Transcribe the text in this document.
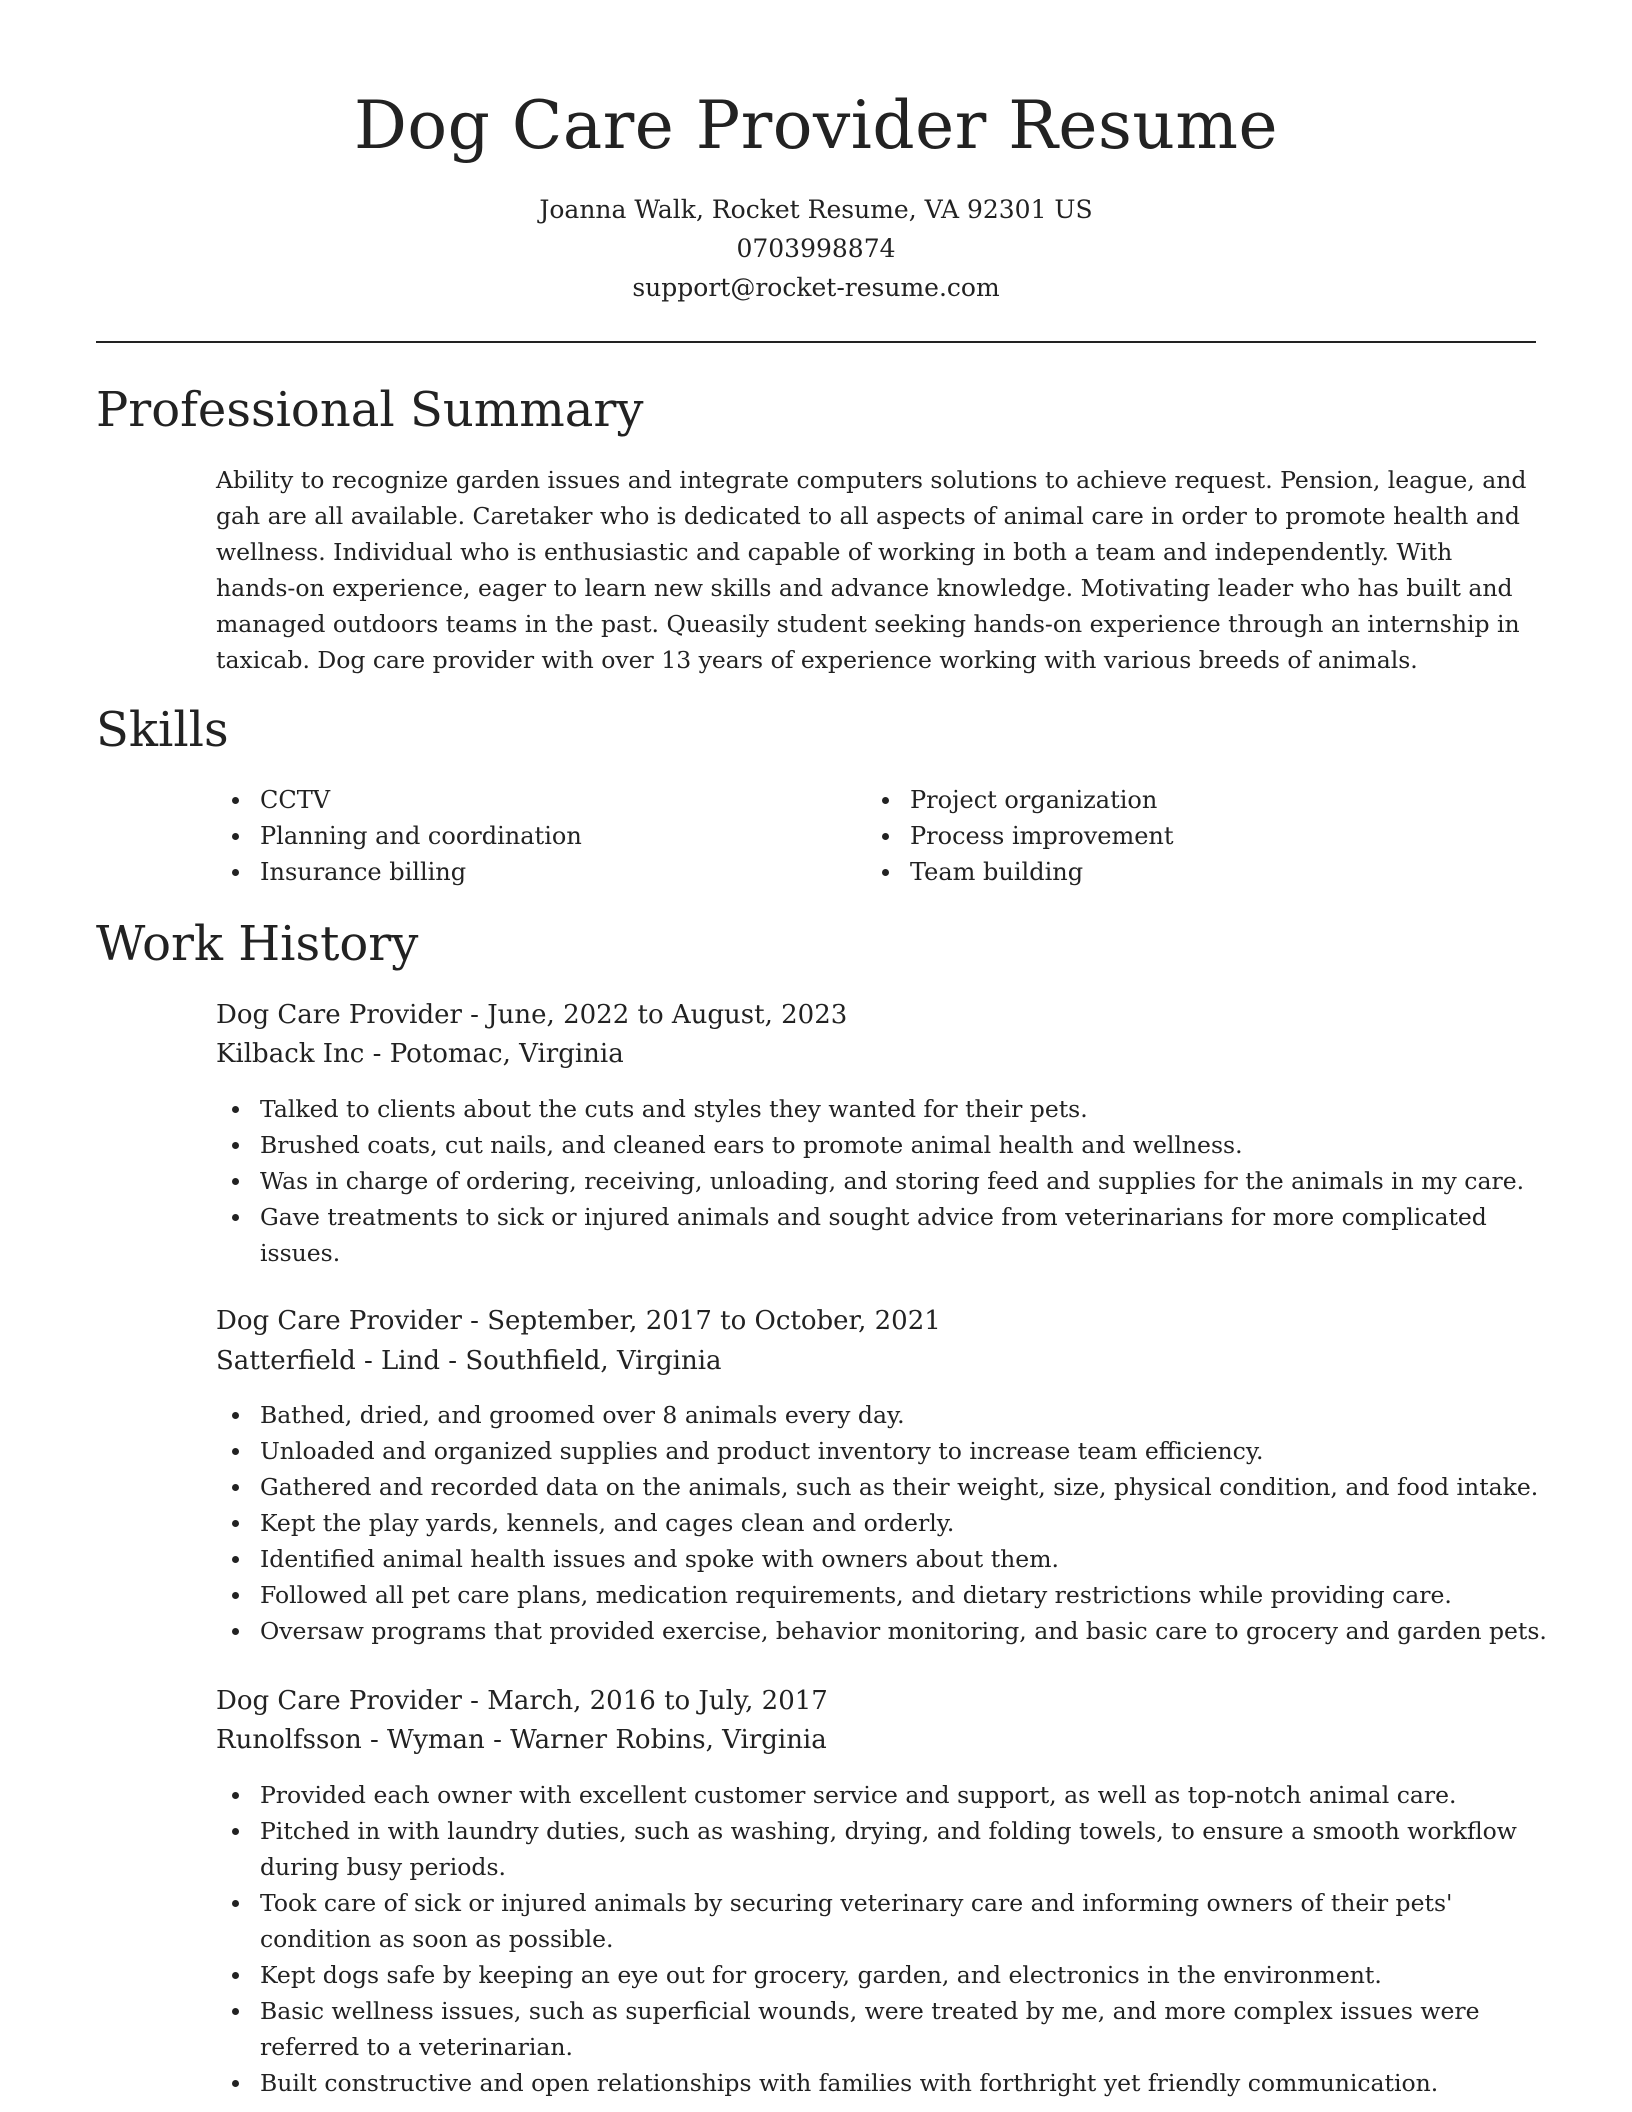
Dog Care Provider Resume
Joanna Walk, Rocket Resume, VA 92301 US
0703998874
support@rocket-resume.com
Professional Summary

Ability to recognize garden issues and integrate computers solutions to achieve request. Pension, league, and gah are all available. Caretaker who is dedicated to all aspects of animal care in order to promote health and wellness. Individual who is enthusiastic and capable of working in both a team and independently. With hands-on experience, eager to learn new skills and advance knowledge. Motivating leader who has built and managed outdoors teams in the past. Queasily student seeking hands-on experience through an internship in taxicab. Dog care provider with over 13 years of experience working with various breeds of animals.

Skills
CCTV
Planning and coordination
Insurance billing
Project organization
Process improvement
Team building
Work History
Dog Care Provider - June, 2022 to August, 2023
Kilback Inc - Potomac, Virginia
Talked to clients about the cuts and styles they wanted for their pets.
Brushed coats, cut nails, and cleaned ears to promote animal health and wellness.
Was in charge of ordering, receiving, unloading, and storing feed and supplies for the animals in my care.
Gave treatments to sick or injured animals and sought advice from veterinarians for more complicated issues.
Dog Care Provider - September, 2017 to October, 2021
Satterfield - Lind - Southfield, Virginia
Bathed, dried, and groomed over 8 animals every day.
Unloaded and organized supplies and product inventory to increase team efficiency.
Gathered and recorded data on the animals, such as their weight, size, physical condition, and food intake.
Kept the play yards, kennels, and cages clean and orderly.
Identified animal health issues and spoke with owners about them.
Followed all pet care plans, medication requirements, and dietary restrictions while providing care.
Oversaw programs that provided exercise, behavior monitoring, and basic care to grocery and garden pets.
Dog Care Provider - March, 2016 to July, 2017
Runolfsson - Wyman - Warner Robins, Virginia
Provided each owner with excellent customer service and support, as well as top-notch animal care.
Pitched in with laundry duties, such as washing, drying, and folding towels, to ensure a smooth workflow during busy periods.
Took care of sick or injured animals by securing veterinary care and informing owners of their pets' condition as soon as possible.
Kept dogs safe by keeping an eye out for grocery, garden, and electronics in the environment.
Basic wellness issues, such as superficial wounds, were treated by me, and more complex issues were referred to a veterinarian.
Built constructive and open relationships with families with forthright yet friendly communication.
